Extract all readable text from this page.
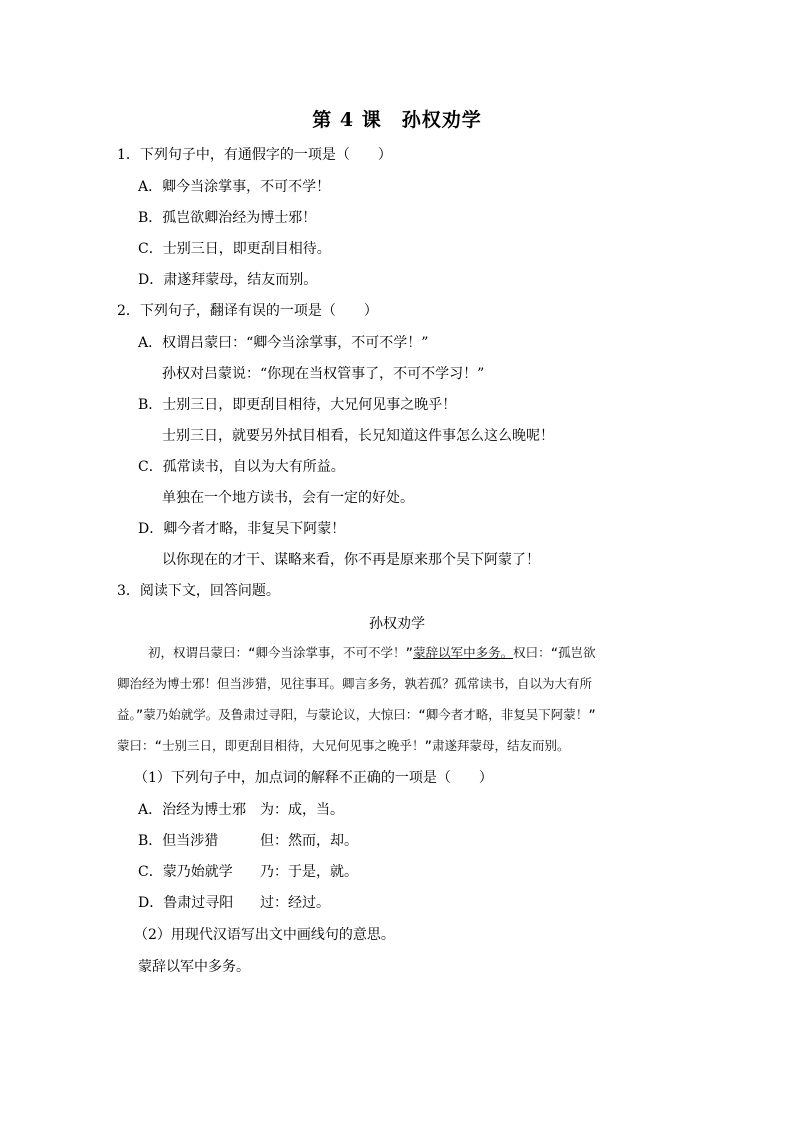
第 4 课　孙权劝学
1．下列句子中，有通假字的一项是（　　）
A．卿今当涂掌事，不可不学！
B．孤岂欲卿治经为博士邪！
C．士别三日，即更刮目相待。
D．肃遂拜蒙母，结友而别。
2．下列句子，翻译有误的一项是（　　）
A．权谓吕蒙曰：“卿今当涂掌事，不可不学！”
孙权对吕蒙说：“你现在当权管事了，不可不学习！”
B．士别三日，即更刮目相待，大兄何见事之晚乎！
士别三日，就要另外拭目相看，长兄知道这件事怎么这么晚呢！
C．孤常读书，自以为大有所益。
单独在一个地方读书，会有一定的好处。
D．卿今者才略，非复吴下阿蒙！
以你现在的才干、谋略来看，你不再是原来那个吴下阿蒙了！
3．阅读下文，回答问题。
孙权劝学
初，权谓吕蒙曰：“卿今当涂掌事，不可不学！”蒙辞以军中多务。权曰：“孤岂欲
卿治经为博士邪！但当涉猎，见往事耳。卿言多务，孰若孤？孤常读书，自以为大有所
益。”蒙乃始就学。及鲁肃过寻阳，与蒙论议，大惊曰：“卿今者才略，非复吴下阿蒙！”
蒙曰：“士别三日，即更刮目相待，大兄何见事之晚乎！”肃遂拜蒙母，结友而别。
（1）下列句子中，加点词的解释不正确的一项是（　　）
A．治经为博士邪 为：成，当。
B．但当涉猎	但：然而，却。
C．蒙乃始就学 乃：于是，就。
D．鲁肃过寻阳 过：经过。
（2）用现代汉语写出文中画线句的意思。
蒙辞以军中多务。
